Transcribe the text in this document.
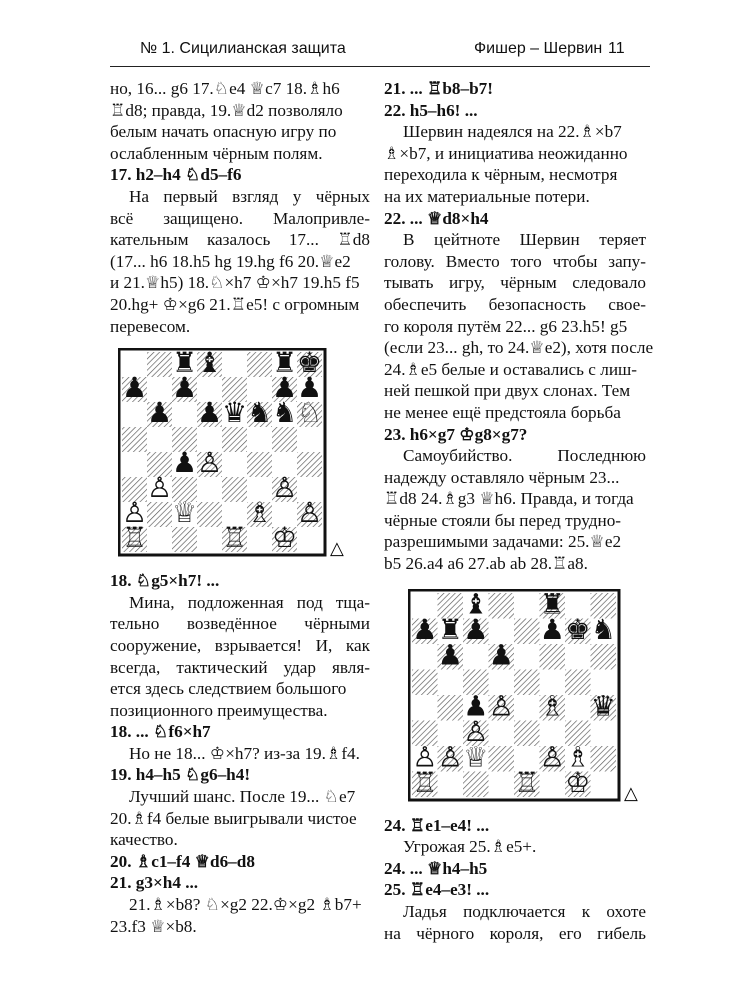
№ 1. Сицилианская защита	Фишер – Шервин 11

но, 16... g6 17.♘e4 ♕c7 18.♗h6

♖d8; правда, 19.♕d2 позволяло

белым начать опасную игру по

ослабленным чёрным полям.

17. h2–h4 ♘d5–f6

На первый взгляд у чёрных

всё защищено. Малопривле-

кательным казалось 17... ♖d8

(17... h6 18.h5 hg 19.hg f6 20.♕e2

и 21.♕h5) 18.♘×h7 ♔×h7 19.h5 f5

20.hg+ ♔×g6 21.♖e5! с огромным

перевесом.

♜ ♝ ♜ ♚
♟ ♟	♟ ♟
♟ ♟ ♛ ♞ ♞ ♘
♟ ♙
♙	♙
♙ ♕ ♗ ♙
♖	♖ ♔ △

18. ♘g5×h7! ...

Мина, подложенная под тща-

тельно возведённое чёрными

сооружение, взрывается! И, как

всегда, тактический удар явля-

ется здесь следствием большого

позиционного преимущества.

18. ... ♘f6×h7

Но не 18... ♔×h7? из-за 19.♗f4.

19. h4–h5 ♘g6–h4!

Лучший шанс. После 19... ♘e7

20.♗f4 белые выигрывали чистое

качество.

20. ♗c1–f4 ♕d6–d8

21. g3×h4 ...

21.♗×b8? ♘×g2 22.♔×g2 ♗b7+

23.f3 ♕×b8.

21. ... ♖b8–b7!

22. h5–h6! ...

Шервин надеялся на 22.♗×b7

♗×b7, и инициатива неожиданно

переходила к чёрным, несмотря

на их материальные потери.

22. ... ♕d8×h4

В цейтноте Шервин теряет

голову. Вместо того чтобы запу-

тывать игру, чёрным следовало

обеспечить безопасность свое-

го короля путём 22... g6 23.h5! g5

(если 23... gh, то 24.♕e2), хотя после

24.♗e5 белые и оставались с лиш-

ней пешкой при двух слонах. Тем

не менее ещё предстояла борьба

23. h6×g7 ♔g8×g7?

Самоубийство. Последнюю

надежду оставляло чёрным 23...

♖d8 24.♗g3 ♕h6. Правда, и тогда

чёрные стояли бы перед трудно-

разрешимыми задачами: 25.♕e2

b5 26.a4 a6 27.ab ab 28.♖a8.

♝ ♜
♟ ♜ ♟ ♟ ♚ ♞
♟ ♟
♟ ♙ ♗ ♛
♙
♙ ♙ ♕ ♙ ♗
♖	♖ ♔ △

24. ♖e1–e4! ...

Угрожая 25.♗e5+.

24. ... ♕h4–h5

25. ♖e4–e3! ...

Ладья подключается к охоте

на чёрного короля, его гибель
